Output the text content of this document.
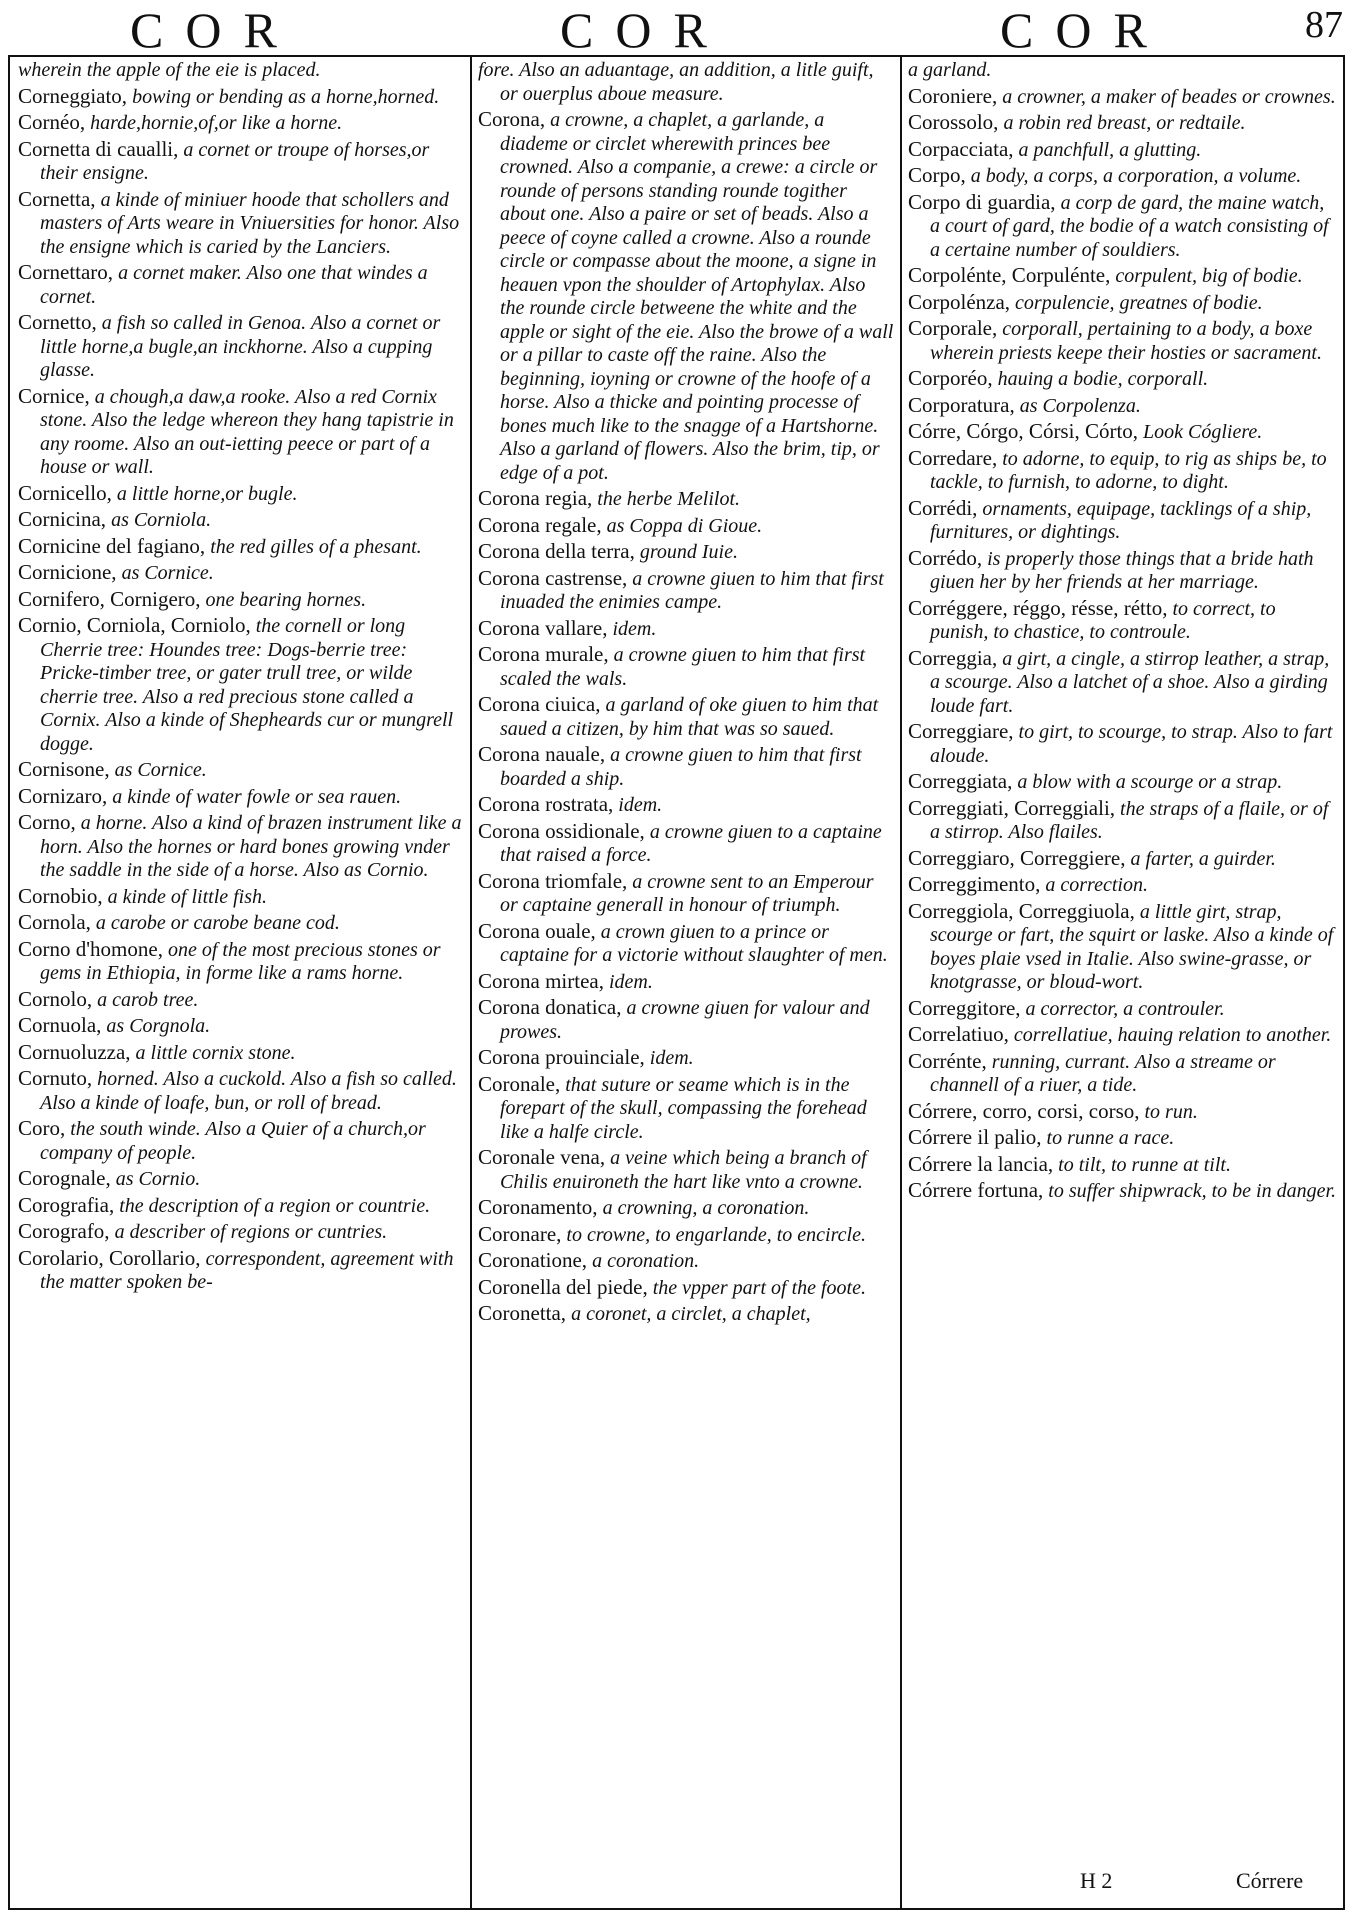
COR	COR	COR	87

wherein the apple of the eie is placed.

Corneggiato, bowing or bending as a horne,horned.

Cornéo, harde,hornie,of,or like a horne.

Cornetta di caualli, a cornet or troupe of horses,or their ensigne.

Cornetta, a kinde of miniuer hoode that schollers and masters of Arts weare in Vniuersities for honor. Also the ensigne which is caried by the Lanciers.

Cornettaro, a cornet maker. Also one that windes a cornet.

Cornetto, a fish so called in Genoa. Also a cornet or little horne,a bugle,an inckhorne. Also a cupping glasse.

Cornice, a chough,a daw,a rooke. Also a red Cornix stone. Also the ledge whereon they hang tapistrie in any roome. Also an out-ietting peece or part of a house or wall.

Cornicello, a little horne,or bugle.

Cornicina, as Corniola.

Cornicine del fagiano, the red gilles of a phesant.

Cornicione, as Cornice.

Cornifero, Cornigero, one bearing hornes.

Cornio, Corniola, Corniolo, the cornell or long Cherrie tree: Houndes tree: Dogs-berrie tree: Pricke-timber tree, or gater trull tree, or wilde cherrie tree. Also a red precious stone called a Cornix. Also a kinde of Shepheards cur or mungrell dogge.

Cornisone, as Cornice.

Cornizaro, a kinde of water fowle or sea rauen.

Corno, a horne. Also a kind of brazen instrument like a horn. Also the hornes or hard bones growing vnder the saddle in the side of a horse. Also as Cornio.

Cornobio, a kinde of little fish.

Cornola, a carobe or carobe beane cod.

Corno d'homone, one of the most precious stones or gems in Ethiopia, in forme like a rams horne.

Cornolo, a carob tree.

Cornuola, as Corgnola.

Cornuoluzza, a little cornix stone.

Cornuto, horned. Also a cuckold. Also a fish so called. Also a kinde of loafe, bun, or roll of bread.

Coro, the south winde. Also a Quier of a church,or company of people.

Corognale, as Cornio.

Corografia, the description of a region or countrie.

Corografo, a describer of regions or cuntries.

Corolario, Corollario, correspondent, agreement with the matter spoken be-

fore. Also an aduantage, an addition, a litle guift, or ouerplus aboue measure.

Corona, a crowne, a chaplet, a garlande, a diademe or circlet wherewith princes bee crowned. Also a companie, a crewe: a circle or rounde of persons standing rounde togither about one. Also a paire or set of beads. Also a peece of coyne called a crowne. Also a rounde circle or compasse about the moone, a signe in heauen vpon the shoulder of Artophylax. Also the rounde circle betweene the white and the apple or sight of the eie. Also the browe of a wall or a pillar to caste off the raine. Also the beginning, ioyning or crowne of the hoofe of a horse. Also a thicke and pointing processe of bones much like to the snagge of a Hartshorne. Also a garland of flowers. Also the brim, tip, or edge of a pot.

Corona regia, the herbe Melilot.

Corona regale, as Coppa di Gioue.

Corona della terra, ground Iuie.

Corona castrense, a crowne giuen to him that first inuaded the enimies campe.

Corona vallare, idem.

Corona murale, a crowne giuen to him that first scaled the wals.

Corona ciuica, a garland of oke giuen to him that saued a citizen, by him that was so saued.

Corona nauale, a crowne giuen to him that first boarded a ship.

Corona rostrata, idem.

Corona ossidionale, a crowne giuen to a captaine that raised a force.

Corona triomfale, a crowne sent to an Emperour or captaine generall in honour of triumph.

Corona ouale, a crown giuen to a prince or captaine for a victorie without slaughter of men.

Corona mirtea, idem.

Corona donatica, a crowne giuen for valour and prowes.

Corona prouinciale, idem.

Coronale, that suture or seame which is in the forepart of the skull, compassing the forehead like a halfe circle.

Coronale vena, a veine which being a branch of Chilis enuironeth the hart like vnto a crowne.

Coronamento, a crowning, a coronation.

Coronare, to crowne, to engarlande, to encircle.

Coronatione, a coronation.

Coronella del piede, the vpper part of the foote.

Coronetta, a coronet, a circlet, a chaplet,

a garland.

Coroniere, a crowner, a maker of beades or crownes.

Corossolo, a robin red breast, or redtaile.

Corpacciata, a panchfull, a glutting.

Corpo, a body, a corps, a corporation, a volume.

Corpo di guardia, a corp de gard, the maine watch, a court of gard, the bodie of a watch consisting of a certaine number of souldiers.

Corpolénte, Corpulénte, corpulent, big of bodie.

Corpolénza, corpulencie, greatnes of bodie.

Corporale, corporall, pertaining to a body, a boxe wherein priests keepe their hosties or sacrament.

Corporéo, hauing a bodie, corporall.

Corporatura, as Corpolenza.

Córre, Córgo, Córsi, Córto, Look Cógliere.

Corredare, to adorne, to equip, to rig as ships be, to tackle, to furnish, to adorne, to dight.

Corrédi, ornaments, equipage, tacklings of a ship, furnitures, or dightings.

Corrédo, is properly those things that a bride hath giuen her by her friends at her marriage.

Corréggere, réggo, résse, rétto, to correct, to punish, to chastice, to controule.

Correggia, a girt, a cingle, a stirrop leather, a strap, a scourge. Also a latchet of a shoe. Also a girding loude fart.

Correggiare, to girt, to scourge, to strap. Also to fart aloude.

Correggiata, a blow with a scourge or a strap.

Correggiati, Correggiali, the straps of a flaile, or of a stirrop. Also flailes.

Correggiaro, Correggiere, a farter, a guirder.

Correggimento, a correction.

Correggiola, Correggiuola, a little girt, strap, scourge or fart, the squirt or laske. Also a kinde of boyes plaie vsed in Italie. Also swine-grasse, or knotgrasse, or bloud-wort.

Correggitore, a corrector, a controuler.

Correlatiuo, correllatiue, hauing relation to another.

Corrénte, running, currant. Also a streame or channell of a riuer, a tide.

Córrere, corro, corsi, corso, to run.

Córrere il palio, to runne a race.

Córrere la lancia, to tilt, to runne at tilt.

Córrere fortuna, to suffer shipwrack, to be in danger.

H 2	Córrere
